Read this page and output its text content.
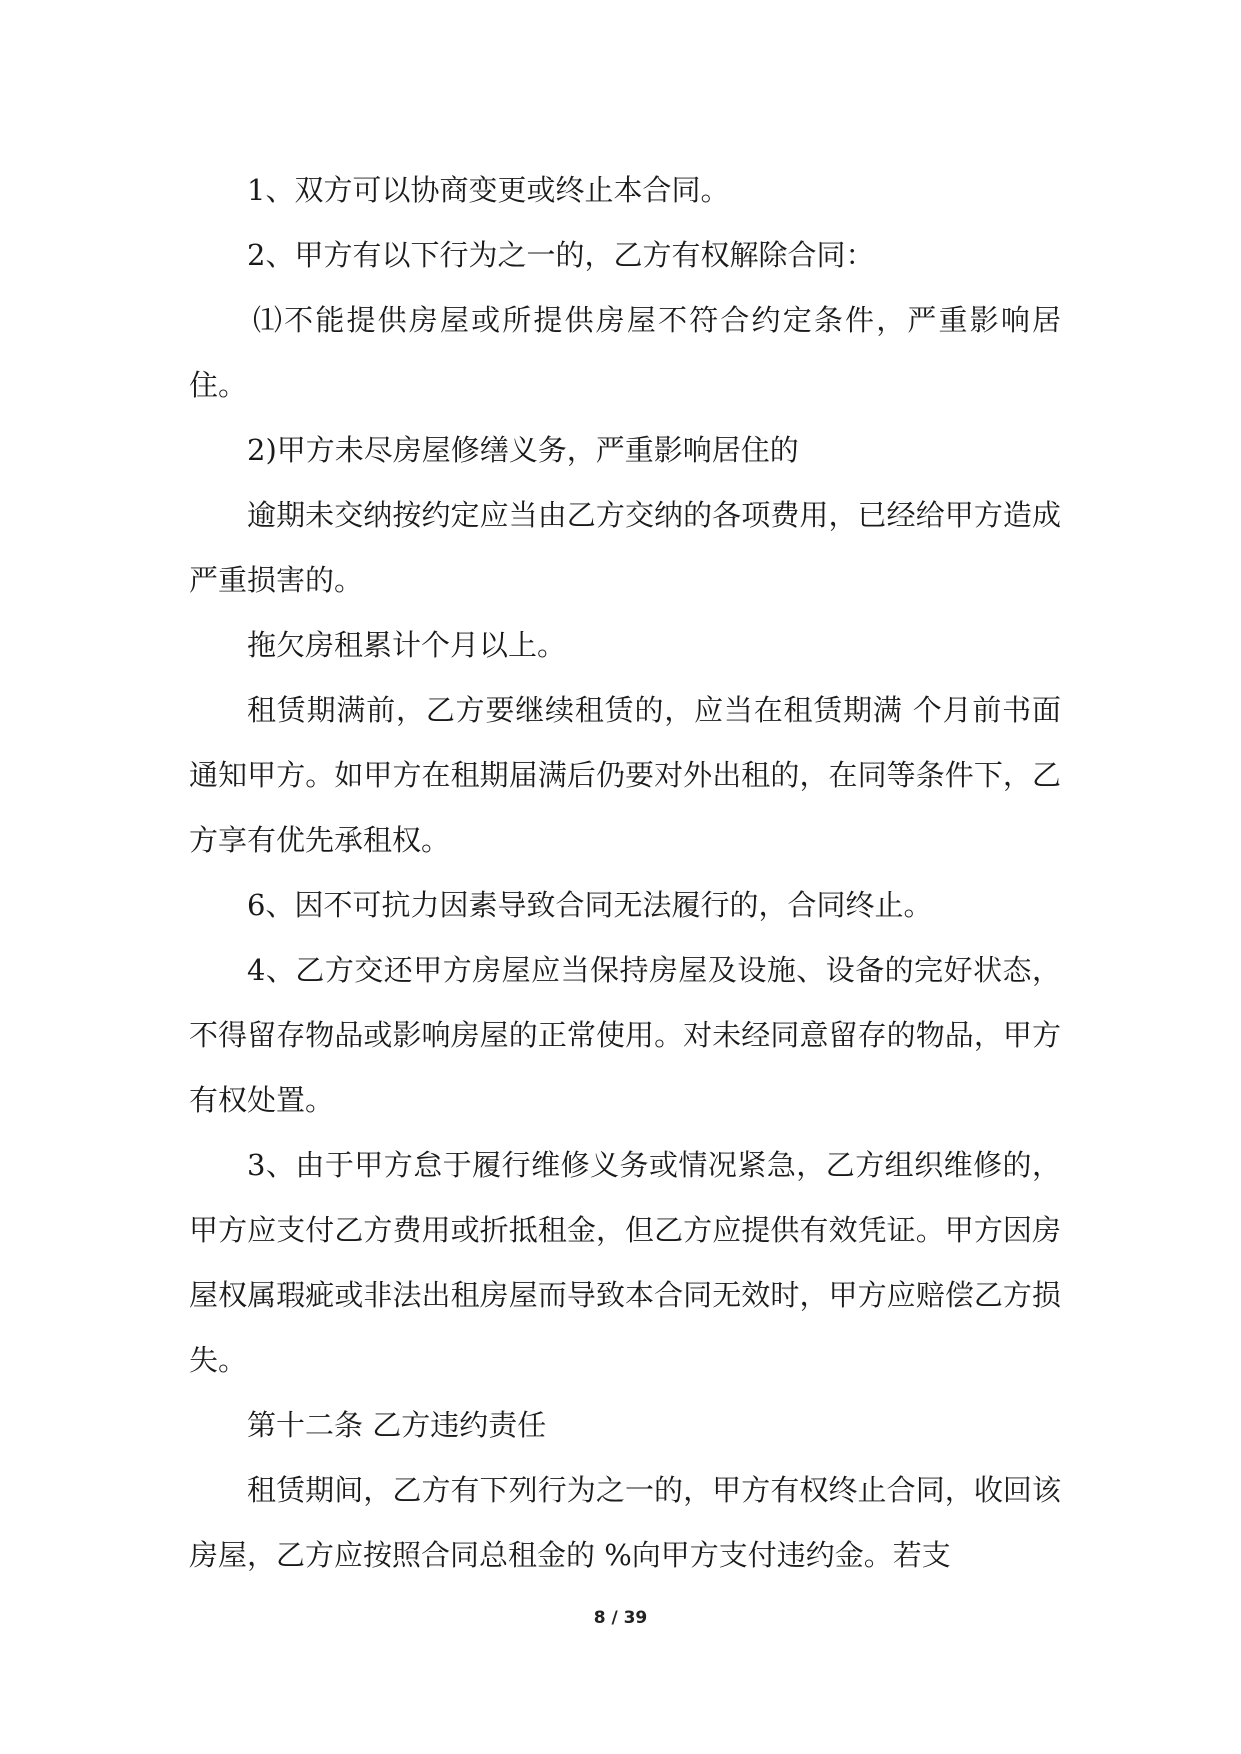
1、双方可以协商变更或终止本合同。

2、甲方有以下行为之一的，乙方有权解除合同：

⑴不能提供房屋或所提供房屋不符合约定条件，严重影响居住。

2)甲方未尽房屋修缮义务，严重影响居住的

逾期未交纳按约定应当由乙方交纳的各项费用，已经给甲方造成严重损害的。

拖欠房租累计个月以上。

租赁期满前，乙方要继续租赁的，应当在租赁期满 个月前书面通知甲方。如甲方在租期届满后仍要对外出租的，在同等条件下，乙方享有优先承租权。

6、因不可抗力因素导致合同无法履行的，合同终止。

4、乙方交还甲方房屋应当保持房屋及设施、设备的完好状态，不得留存物品或影响房屋的正常使用。对未经同意留存的物品，甲方有权处置。

3、由于甲方怠于履行维修义务或情况紧急，乙方组织维修的，甲方应支付乙方费用或折抵租金，但乙方应提供有效凭证。甲方因房屋权属瑕疵或非法出租房屋而导致本合同无效时，甲方应赔偿乙方损失。

第十二条 乙方违约责任

租赁期间，乙方有下列行为之一的，甲方有权终止合同，收回该房屋，乙方应按照合同总租金的 %向甲方支付违约金。若支

8 / 39
